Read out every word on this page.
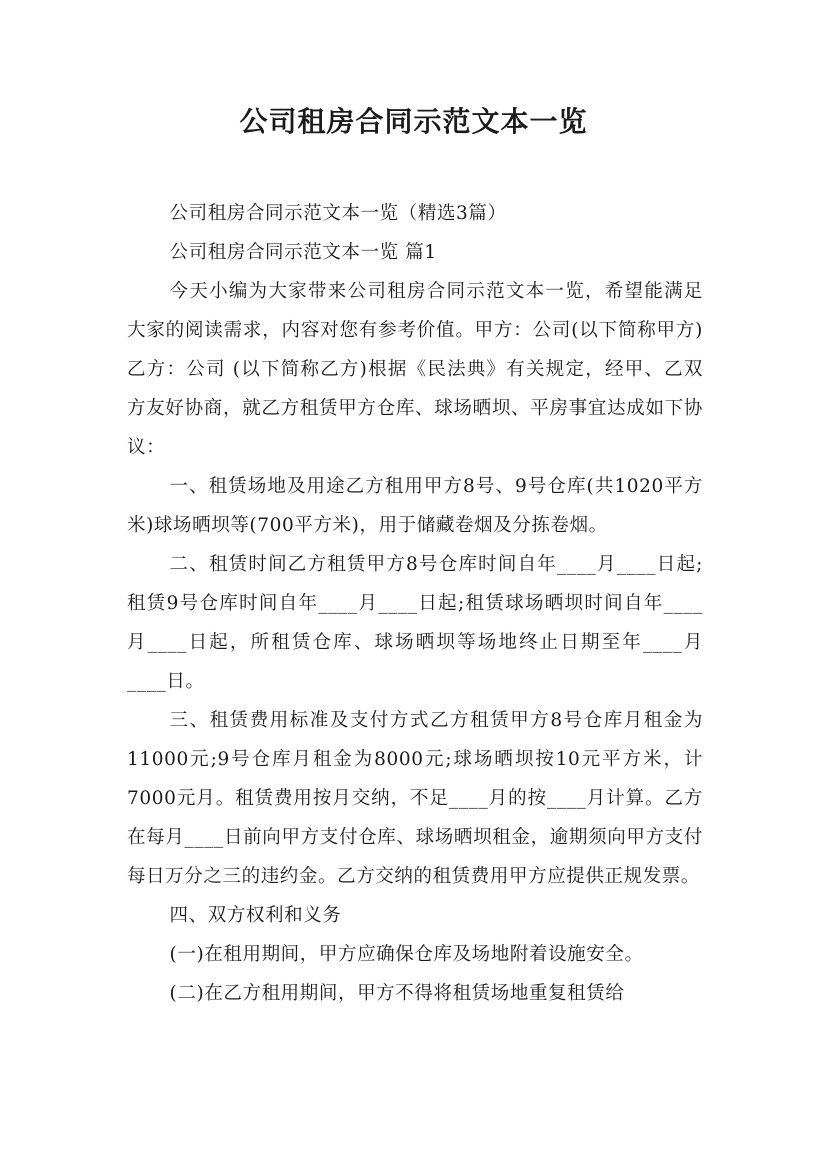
公司租房合同示范文本一览

公司租房合同示范文本一览（精选3篇）

公司租房合同示范文本一览 篇1

今天小编为大家带来公司租房合同示范文本一览，希望能满足大家的阅读需求，内容对您有参考价值。甲方：公司(以下简称甲方)乙方：公司 (以下简称乙方)根据《民法典》有关规定，经甲、乙双方友好协商，就乙方租赁甲方仓库、球场晒坝、平房事宜达成如下协议：

一、租赁场地及用途乙方租用甲方8号、9号仓库(共1020平方米)球场晒坝等(700平方米)，用于储藏卷烟及分拣卷烟。

二、租赁时间乙方租赁甲方8号仓库时间自年____月____日起;租赁9号仓库时间自年____月____日起;租赁球场晒坝时间自年____月____日起，所租赁仓库、球场晒坝等场地终止日期至年____月____日。

三、租赁费用标准及支付方式乙方租赁甲方8号仓库月租金为11000元;9号仓库月租金为8000元;球场晒坝按10元平方米，计7000元月。租赁费用按月交纳，不足____月的按____月计算。乙方在每月____日前向甲方支付仓库、球场晒坝租金，逾期须向甲方支付每日万分之三的违约金。乙方交纳的租赁费用甲方应提供正规发票。

四、双方权利和义务

(一)在租用期间，甲方应确保仓库及场地附着设施安全。

(二)在乙方租用期间，甲方不得将租赁场地重复租赁给
